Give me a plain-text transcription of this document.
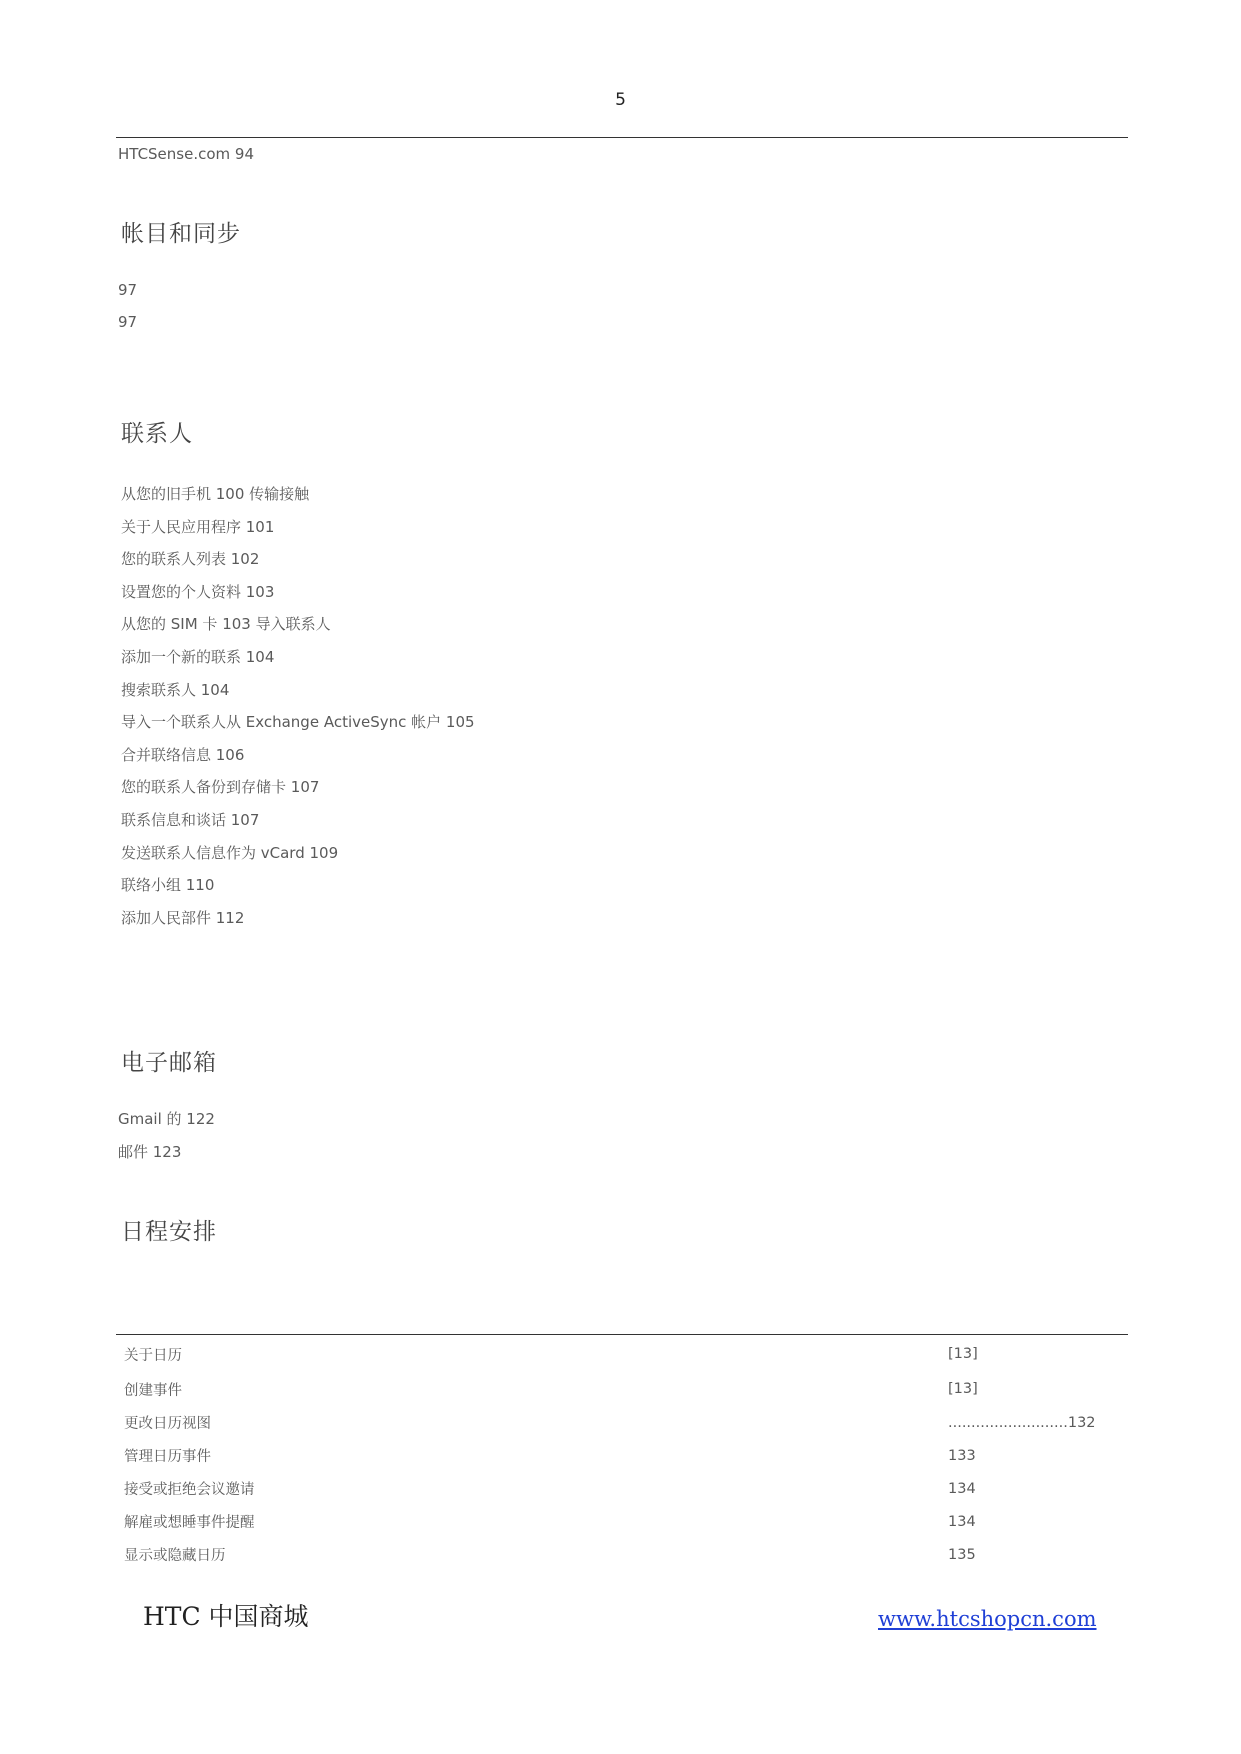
5
HTCSense.com 94
帐目和同步
97
97
联系人
从您的旧手机 100 传输接触
关于人民应用程序 101
您的联系人列表 102
设置您的个人资料 103
从您的 SIM 卡 103 导入联系人
添加一个新的联系 104
搜索联系人 104
导入一个联系人从 Exchange ActiveSync 帐户 105
合并联络信息 106
您的联系人备份到存储卡 107
联系信息和谈话 107
发送联系人信息作为 vCard 109
联络小组 110
添加人民部件 112
电子邮箱
Gmail 的 122
邮件 123
日程安排
关于日历	[13]
创建事件	[13]
更改日历视图	..........................132
管理日历事件	133
接受或拒绝会议邀请	134
解雇或想睡事件提醒	134
显示或隐藏日历	135
HTC 中国商城	www.htcshopcn.com
